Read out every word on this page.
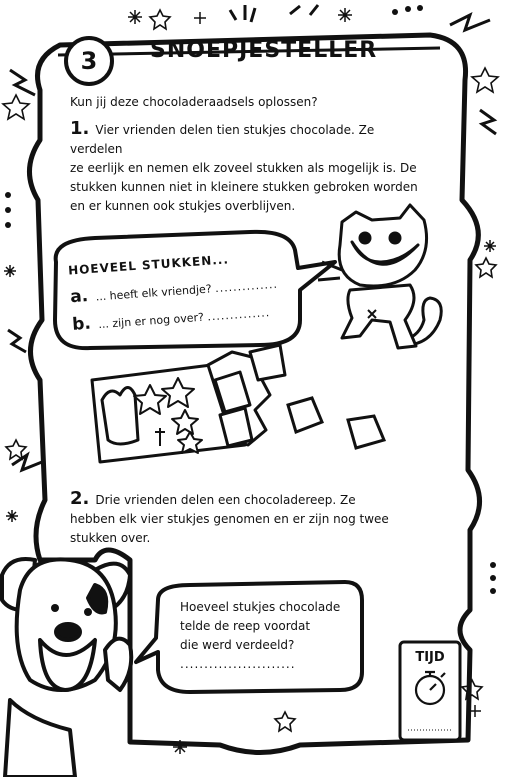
3	SNOEPJESTELLER
Kun jij deze chocoladeraadsels oplossen?
1. Vier vrienden delen tien stukjes chocolade. Ze verdelen
ze eerlijk en nemen elk zoveel stukken als mogelijk is. De
stukken kunnen niet in kleinere stukken gebroken worden
en er kunnen ook stukjes overblijven.
HOEVEEL STUKKEN...
a. ... heeft elk vriendje? ..............
b. ... zijn er nog over? ..............
2. Drie vrienden delen een chocoladereep. Ze
hebben elk vier stukjes genomen en er zijn nog twee
stukken over.
Hoeveel stukjes chocolade
telde de reep voordat
die werd verdeeld?
........................	TIJD
